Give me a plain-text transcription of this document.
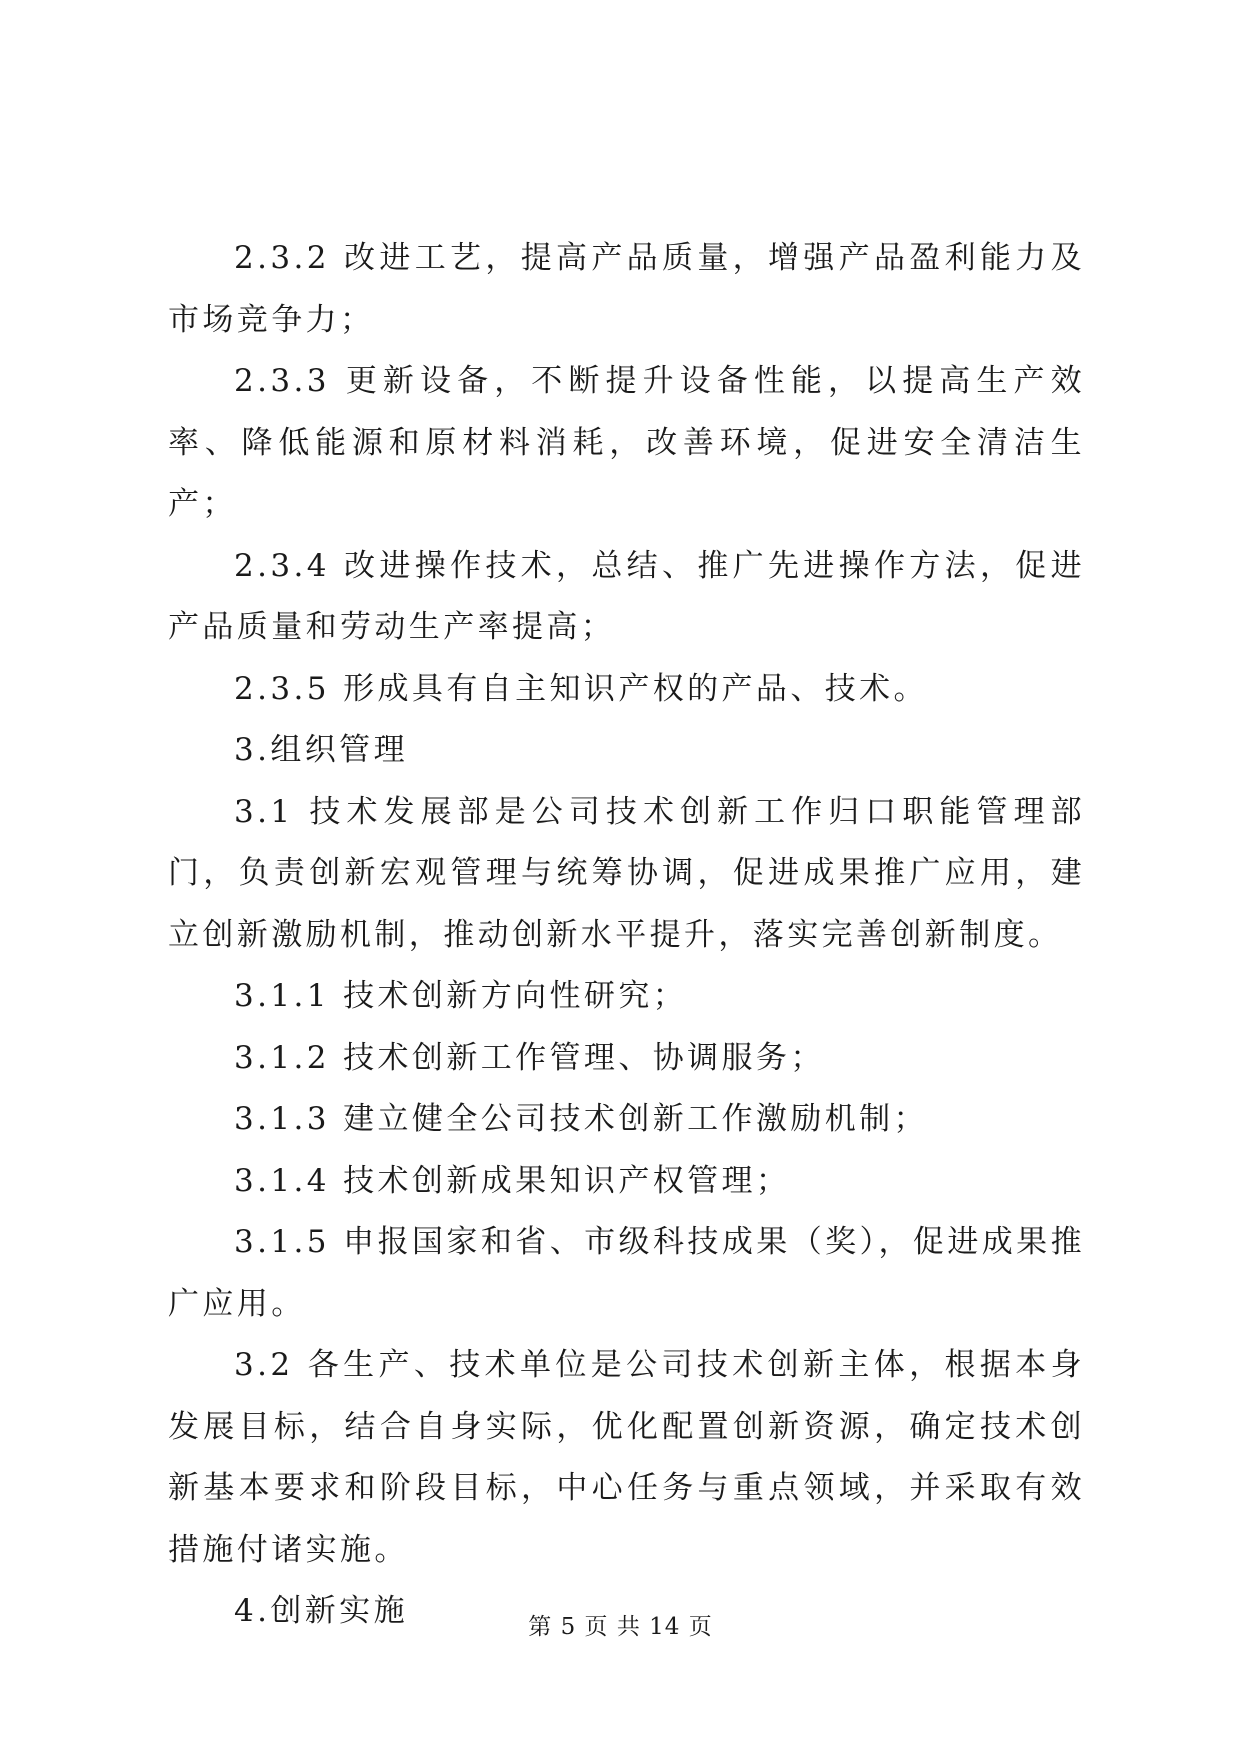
2.3.2 改进工艺，提高产品质量，增强产品盈利能力及市场竞争力；

2.3.3 更新设备，不断提升设备性能，以提高生产效率、降低能源和原材料消耗，改善环境，促进安全清洁生产；

2.3.4 改进操作技术，总结、推广先进操作方法，促进产品质量和劳动生产率提高；

2.3.5 形成具有自主知识产权的产品、技术。

3.组织管理

3.1 技术发展部是公司技术创新工作归口职能管理部门，负责创新宏观管理与统筹协调，促进成果推广应用，建立创新激励机制，推动创新水平提升，落实完善创新制度。

3.1.1 技术创新方向性研究；

3.1.2 技术创新工作管理、协调服务；

3.1.3 建立健全公司技术创新工作激励机制；

3.1.4 技术创新成果知识产权管理；

3.1.5 申报国家和省、市级科技成果（奖），促进成果推广应用。

3.2 各生产、技术单位是公司技术创新主体，根据本身发展目标，结合自身实际，优化配置创新资源，确定技术创新基本要求和阶段目标，中心任务与重点领域，并采取有效措施付诸实施。

4.创新实施	第 5 页 共 14 页
